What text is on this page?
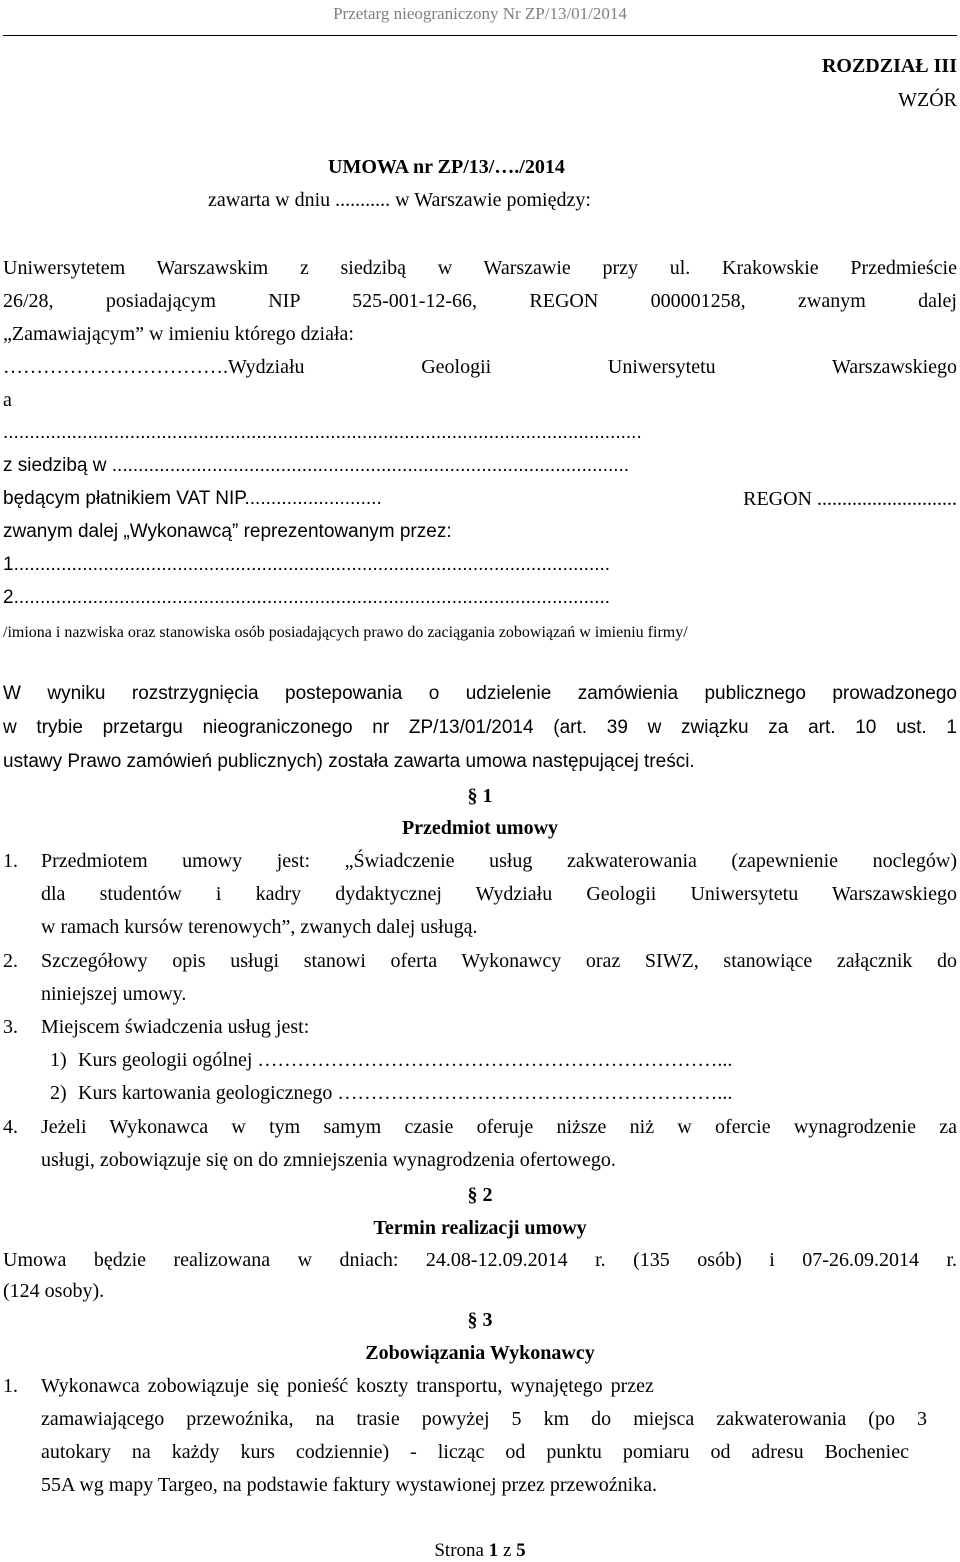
Przetarg nieograniczony Nr ZP/13/01/2014
ROZDZIAŁ III
WZÓR
UMOWA nr ZP/13/…./2014
zawarta w dniu ........... w Warszawie pomiędzy:
Uniwersytetem Warszawskim z siedzibą w Warszawie przy ul. Krakowskie Przedmieście
26/28, posiadającym NIP 525-001-12-66, REGON 000001258, zwanym dalej
„Zamawiającym” w imieniu którego działa:
…………………………….Wydziału Geologii Uniwersytetu Warszawskiego
a
.........................................................................................................................
z siedzibą w ..................................................................................................
będącym płatnikiem VAT NIP..........................	REGON ............................
zwanym dalej „Wykonawcą” reprezentowanym przez:
1.................................................................................................................
2.................................................................................................................
/imiona i nazwiska oraz stanowiska osób posiadających prawo do zaciągania zobowiązań w imieniu firmy/
W wyniku rozstrzygnięcia postepowania o udzielenie zamówienia publicznego prowadzonego
w trybie przetargu nieograniczonego nr ZP/13/01/2014 (art. 39 w związku za art. 10 ust. 1
ustawy Prawo zamówień publicznych) została zawarta umowa następującej treści.
§ 1
Przedmiot umowy
1. Przedmiotem umowy jest: „Świadczenie usług zakwaterowania (zapewnienie noclegów)
dla studentów i kadry dydaktycznej Wydziału Geologii Uniwersytetu Warszawskiego
w ramach kursów terenowych”, zwanych dalej usługą.
2. Szczegółowy opis usługi stanowi oferta Wykonawcy oraz SIWZ, stanowiące załącznik do
niniejszej umowy.
3. Miejscem świadczenia usług jest:
1) Kurs geologii ogólnej ……………………………………………………………...
2) Kurs kartowania geologicznego …………………………………………………...
4. Jeżeli Wykonawca w tym samym czasie oferuje niższe niż w ofercie wynagrodzenie za
usługi, zobowiązuje się on do zmniejszenia wynagrodzenia ofertowego.
§ 2
Termin realizacji umowy
Umowa będzie realizowana w dniach: 24.08-12.09.2014 r. (135 osób) i 07-26.09.2014 r.
(124 osoby).
§ 3
Zobowiązania Wykonawcy
1. Wykonawca zobowiązuje się ponieść koszty transportu, wynajętego przez
zamawiającego przewoźnika, na trasie powyżej 5 km do miejsca zakwaterowania (po 3
autokary na każdy kurs codziennie) - licząc od punktu pomiaru od adresu Bocheniec
55A wg mapy Targeo, na podstawie faktury wystawionej przez przewoźnika.
Strona 1 z 5
